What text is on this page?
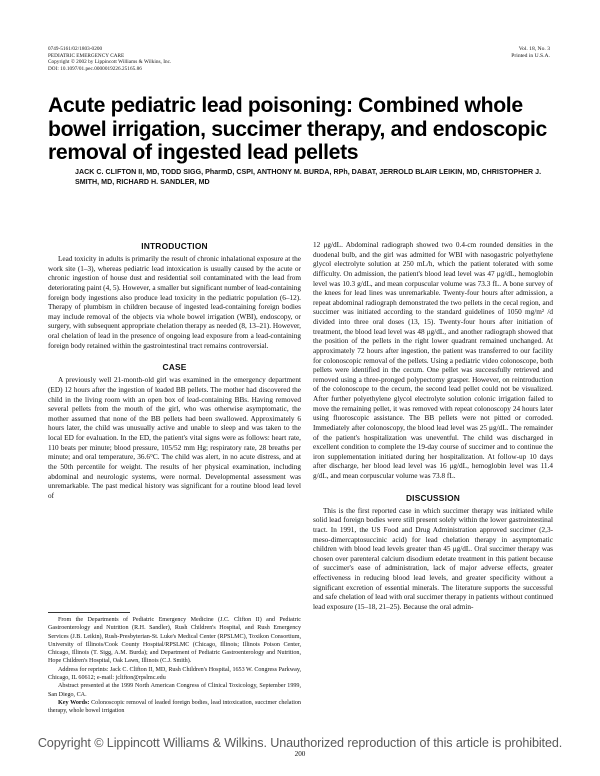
0749-5161/02/1803-0200
PEDIATRIC EMERGENCY CARE
Copyright © 2002 by Lippincott Williams & Wilkins, Inc.
DOI: 10.1097/01.pec.0000019226.25165.86
Vol. 18, No. 3
Printed in U.S.A.
Acute pediatric lead poisoning: Combined whole bowel irrigation, succimer therapy, and endoscopic removal of ingested lead pellets
JACK C. CLIFTON II, MD, TODD SIGG, PharmD, CSPI, ANTHONY M. BURDA, RPh, DABAT, JERROLD BLAIR LEIKIN, MD, CHRISTOPHER J. SMITH, MD, RICHARD H. SANDLER, MD
INTRODUCTION

Lead toxicity in adults is primarily the result of chronic inhalational exposure at the work site (1–3), whereas pediatric lead intoxication is usually caused by the acute or chronic ingestion of house dust and residential soil contaminated with the lead from deteriorating paint (4, 5). However, a smaller but significant number of lead-containing foreign body ingestions also produce lead toxicity in the pediatric population (6–12). Therapy of plumbism in children because of ingested lead-containing foreign bodies may include removal of the objects via whole bowel irrigation (WBI), endoscopy, or surgery, with subsequent appropriate chelation therapy as needed (8, 13–21). However, oral chelation of lead in the presence of ongoing lead exposure from a lead-containing foreign body retained within the gastrointestinal tract remains controversial.

CASE

A previously well 21-month-old girl was examined in the emergency department (ED) 12 hours after the ingestion of leaded BB pellets. The mother had discovered the child in the living room with an open box of lead-containing BBs. Having removed several pellets from the mouth of the girl, who was otherwise asymptomatic, the mother assumed that none of the BB pellets had been swallowed. Approximately 6 hours later, the child was unusually active and unable to sleep and was taken to the local ED for evaluation. In the ED, the patient's vital signs were as follows: heart rate, 110 beats per minute; blood pressure, 105/52 mm Hg; respiratory rate, 28 breaths per minute; and oral temperature, 36.6°C. The child was alert, in no acute distress, and at the 50th percentile for weight. The results of her physical examination, including abdominal and neurologic systems, were normal. Developmental assessment was unremarkable. The past medical history was significant for a routine blood lead level of

From the Departments of Pediatric Emergency Medicine (J.C. Clifton II) and Pediatric Gastroenterology and Nutrition (R.H. Sandler), Rush Children's Hospital, and Rush Emergency Services (J.B. Leikin), Rush-Presbyterian-St. Luke's Medical Center (RPSLMC), Toxikon Consortium, University of Illinois/Cook County Hospital/RPSLMC (Chicago, Illinois; Illinois Poison Center, Chicago, Illinois (T. Sigg, A.M. Burda); and Department of Pediatric Gastroenterology and Nutrition, Hope Children's Hospital, Oak Lawn, Illinois (C.J. Smith).

Address for reprints: Jack C. Clifton II, MD, Rush Children's Hospital, 1653 W. Congress Parkway, Chicago, IL 60612; e-mail: jclifton@rpslmc.edu

Abstract presented at the 1999 North American Congress of Clinical Toxicology, September 1999, San Diego, CA.

Key Words: Colonoscopic removal of leaded foreign bodies, lead intoxication, succimer chelation therapy, whole bowel irrigation

12 μg/dL. Abdominal radiograph showed two 0.4-cm rounded densities in the duodenal bulb, and the girl was admitted for WBI with nasogastric polyethylene glycol electrolyte solution at 250 mL/h, which the patient tolerated with some difficulty. On admission, the patient's blood lead level was 47 μg/dL, hemoglobin level was 10.3 g/dL, and mean corpuscular volume was 73.3 fL. A bone survey of the knees for lead lines was unremarkable. Twenty-four hours after admission, a repeat abdominal radiograph demonstrated the two pellets in the cecal region, and succimer was initiated according to the standard guidelines of 1050 mg/m² /d divided into three oral doses (13, 15). Twenty-four hours after initiation of treatment, the blood lead level was 48 μg/dL, and another radiograph showed that the position of the pellets in the right lower quadrant remained unchanged. At approximately 72 hours after ingestion, the patient was transferred to our facility for colonoscopic removal of the pellets. Using a pediatric video colonoscope, both pellets were identified in the cecum. One pellet was successfully retrieved and removed using a three-pronged polypectomy grasper. However, on reintroduction of the colonoscope to the cecum, the second lead pellet could not be visualized. After further polyethylene glycol electrolyte solution colonic irrigation failed to move the remaining pellet, it was removed with repeat colonoscopy 24 hours later using fluoroscopic assistance. The BB pellets were not pitted or corroded. Immediately after colonoscopy, the blood lead level was 25 μg/dL. The remainder of the patient's hospitalization was uneventful. The child was discharged in excellent condition to complete the 19-day course of succimer and to continue the iron supplementation initiated during her hospitalization. At follow-up 10 days after discharge, her blood lead level was 16 μg/dL, hemoglobin level was 11.4 g/dL, and mean corpuscular volume was 73.8 fL.

DISCUSSION

This is the first reported case in which succimer therapy was initiated while solid lead foreign bodies were still present solely within the lower gastrointestinal tract. In 1991, the US Food and Drug Administration approved succimer (2,3-meso-dimercaptosuccinic acid) for lead chelation therapy in asymptomatic children with blood lead levels greater than 45 μg/dL. Oral succimer therapy was chosen over parenteral calcium disodium edetate treatment in this patient because of succimer's ease of administration, lack of major adverse effects, greater effectiveness in reducing blood lead levels, and greater specificity without a significant excretion of essential minerals. The literature supports the successful and safe chelation of lead with oral succimer therapy in patients without continued lead exposure (15–18, 21–25). Because the oral admin-

Copyright © Lippincott Williams & Wilkins. Unauthorized reproduction of this article is prohibited.
200
